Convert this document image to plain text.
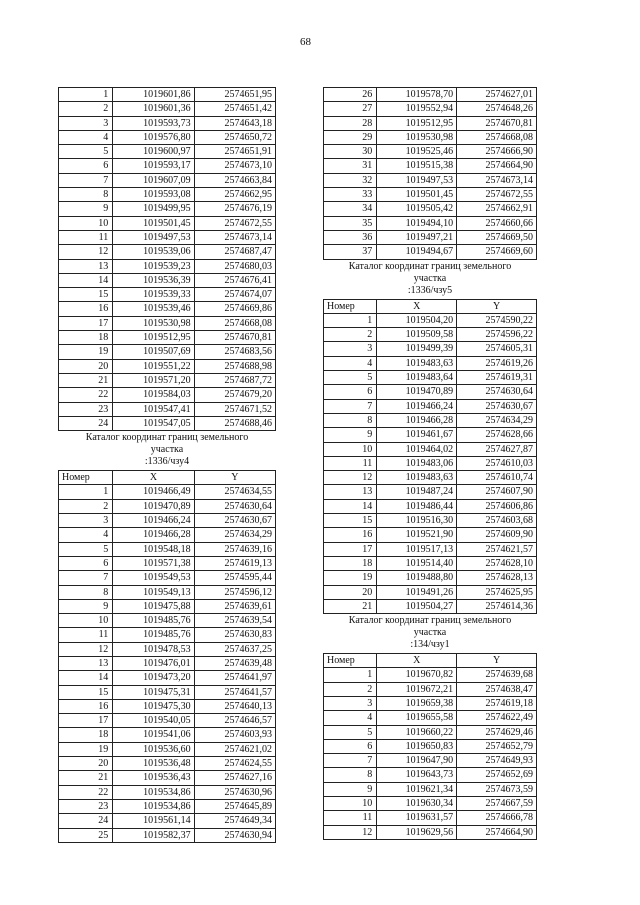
68
1	1019601,86	2574651,95
2	1019601,36	2574651,42
3	1019593,73	2574643,18
4	1019576,80	2574650,72
5	1019600,97	2574651,91
6	1019593,17	2574673,10
7	1019607,09	2574663,84
8	1019593,08	2574662,95
9	1019499,95	2574676,19
10	1019501,45	2574672,55
11	1019497,53	2574673,14
12	1019539,06	2574687,47
13	1019539,23	2574680,03
14	1019536,39	2574676,41
15	1019539,33	2574674,07
16	1019539,46	2574669,86
17	1019530,98	2574668,08
18	1019512,95	2574670,81
19	1019507,69	2574683,56
20	1019551,22	2574688,98
21	1019571,20	2574687,72
22	1019584,03	2574679,20
23	1019547,41	2574671,52
24	1019547,05	2574688,46
Каталог координат границ земельного
участка
:1336/чзу4
Номер	X	Y
1	1019466,49	2574634,55
2	1019470,89	2574630,64
3	1019466,24	2574630,67
4	1019466,28	2574634,29
5	1019548,18	2574639,16
6	1019571,38	2574619,13
7	1019549,53	2574595,44
8	1019549,13	2574596,12
9	1019475,88	2574639,61
10	1019485,76	2574639,54
11	1019485,76	2574630,83
12	1019478,53	2574637,25
13	1019476,01	2574639,48
14	1019473,20	2574641,97
15	1019475,31	2574641,57
16	1019475,30	2574640,13
17	1019540,05	2574646,57
18	1019541,06	2574603,93
19	1019536,60	2574621,02
20	1019536,48	2574624,55
21	1019536,43	2574627,16
22	1019534,86	2574630,96
23	1019534,86	2574645,89
24	1019561,14	2574649,34
25	1019582,37	2574630,94
26	1019578,70	2574627,01
27	1019552,94	2574648,26
28	1019512,95	2574670,81
29	1019530,98	2574668,08
30	1019525,46	2574666,90
31	1019515,38	2574664,90
32	1019497,53	2574673,14
33	1019501,45	2574672,55
34	1019505,42	2574662,91
35	1019494,10	2574660,66
36	1019497,21	2574669,50
37	1019494,67	2574669,60
Каталог координат границ земельного
участка
:1336/чзу5
Номер	X	Y
1	1019504,20	2574590,22
2	1019509,58	2574596,22
3	1019499,39	2574605,31
4	1019483,63	2574619,26
5	1019483,64	2574619,31
6	1019470,89	2574630,64
7	1019466,24	2574630,67
8	1019466,28	2574634,29
9	1019461,67	2574628,66
10	1019464,02	2574627,87
11	1019483,06	2574610,03
12	1019483,63	2574610,74
13	1019487,24	2574607,90
14	1019486,44	2574606,86
15	1019516,30	2574603,68
16	1019521,90	2574609,90
17	1019517,13	2574621,57
18	1019514,40	2574628,10
19	1019488,80	2574628,13
20	1019491,26	2574625,95
21	1019504,27	2574614,36
Каталог координат границ земельного
участка
:134/чзу1
Номер	X	Y
1	1019670,82	2574639,68
2	1019672,21	2574638,47
3	1019659,38	2574619,18
4	1019655,58	2574622,49
5	1019660,22	2574629,46
6	1019650,83	2574652,79
7	1019647,90	2574649,93
8	1019643,73	2574652,69
9	1019621,34	2574673,59
10	1019630,34	2574667,59
11	1019631,57	2574666,78
12	1019629,56	2574664,90
